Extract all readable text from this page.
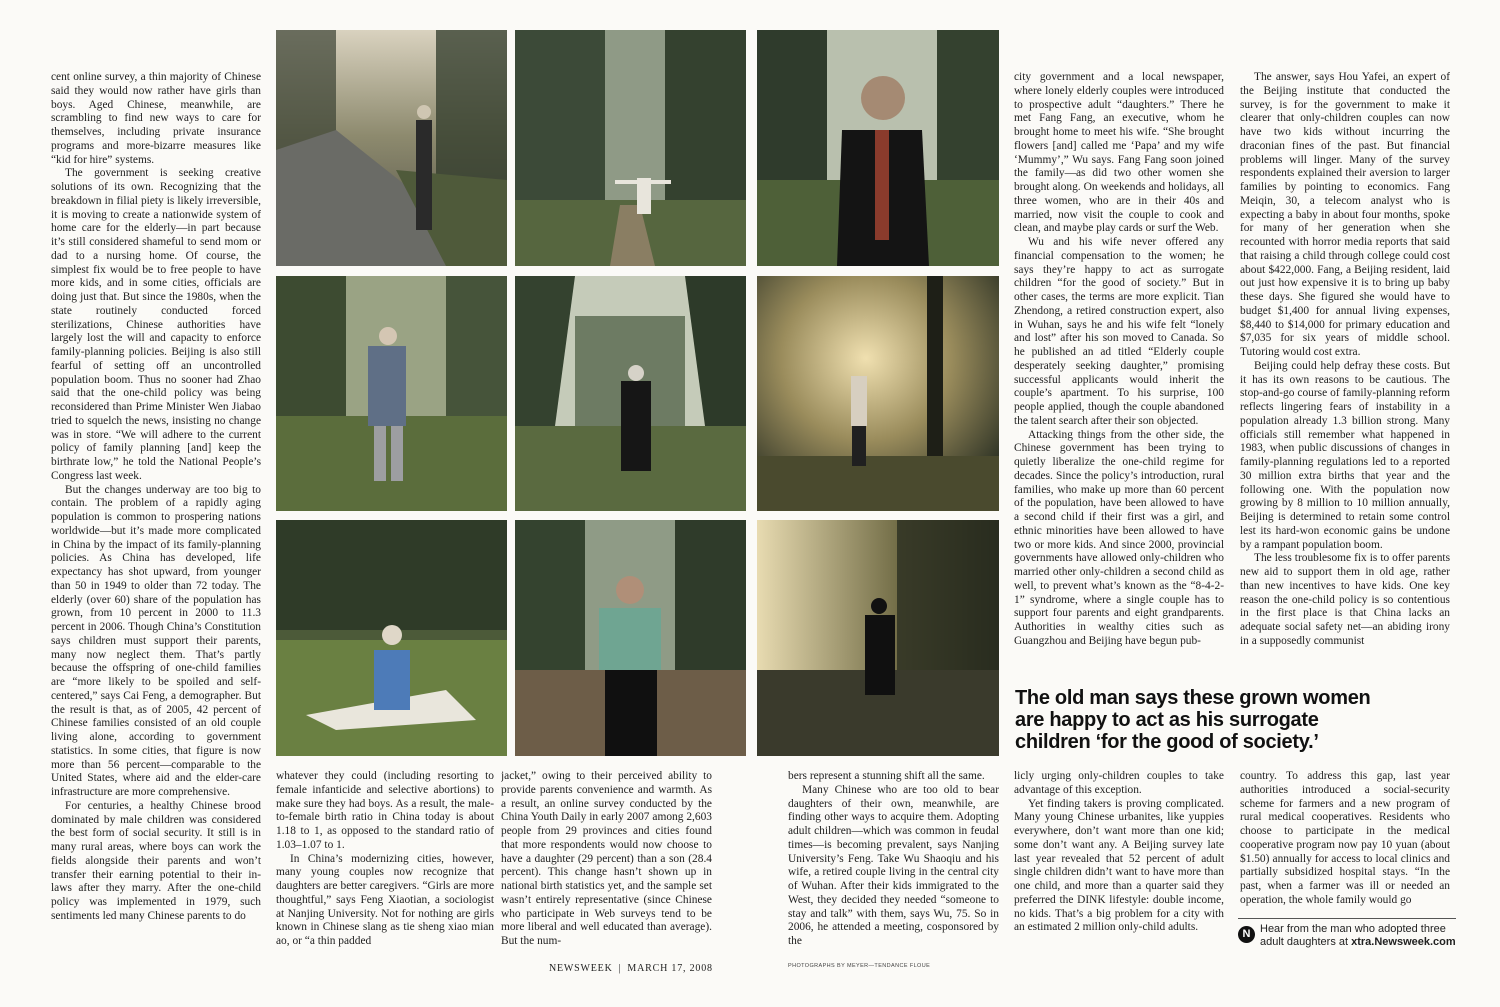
cent online survey, a thin majority of Chinese said they would now rather have girls than boys. Aged Chinese, meanwhile, are scrambling to find new ways to care for themselves, including private insurance programs and more-bizarre measures like “kid for hire” systems.

The government is seeking creative solutions of its own. Recognizing that the breakdown in filial piety is likely irreversible, it is moving to create a nationwide system of home care for the elderly—in part because it’s still considered shameful to send mom or dad to a nursing home. Of course, the simplest fix would be to free people to have more kids, and in some cities, officials are doing just that. But since the 1980s, when the state routinely conducted forced sterilizations, Chinese authorities have largely lost the will and capacity to enforce family-planning policies. Beijing is also still fearful of setting off an uncontrolled population boom. Thus no sooner had Zhao said that the one-child policy was being reconsidered than Prime Minister Wen Jiabao tried to squelch the news, insisting no change was in store. “We will adhere to the current policy of family planning [and] keep the birthrate low,” he told the National People’s Congress last week.

But the changes underway are too big to contain. The problem of a rapidly aging population is common to prospering nations worldwide—but it’s made more complicated in China by the impact of its family-planning policies. As China has developed, life expectancy has shot upward, from younger than 50 in 1949 to older than 72 today. The elderly (over 60) share of the population has grown, from 10 percent in 2000 to 11.3 percent in 2006. Though China’s Constitution says children must support their parents, many now neglect them. That’s partly because the offspring of one-child families are “more likely to be spoiled and self-centered,” says Cai Feng, a demographer. But the result is that, as of 2005, 42 percent of Chinese families consisted of an old couple living alone, according to government statistics. In some cities, that figure is now more than 56 percent—comparable to the United States, where aid and the elder-care infrastructure are more comprehensive.

For centuries, a healthy Chinese brood dominated by male children was considered the best form of social security. It still is in many rural areas, where boys can work the fields alongside their parents and won’t transfer their earning potential to their in-laws after they marry. After the one-child policy was implemented in 1979, such sentiments led many Chinese parents to do

whatever they could (including resorting to female infanticide and selective abortions) to make sure they had boys. As a result, the male-to-female birth ratio in China today is about 1.18 to 1, as opposed to the standard ratio of 1.03–1.07 to 1.

In China’s modernizing cities, however, many young couples now recognize that daughters are better caregivers. “Girls are more thoughtful,” says Feng Xiaotian, a sociologist at Nanjing University. Not for nothing are girls known in Chinese slang as tie sheng xiao mian ao, or “a thin padded

jacket,” owing to their perceived ability to provide parents convenience and warmth. As a result, an online survey conducted by the China Youth Daily in early 2007 among 2,603 people from 29 provinces and cities found that more respondents would now choose to have a daughter (29 percent) than a son (28.4 percent). This change hasn’t shown up in national birth statistics yet, and the sample set wasn’t entirely representative (since Chinese who participate in Web surveys tend to be more liberal and well educated than average). But the num-

bers represent a stunning shift all the same.

Many Chinese who are too old to bear daughters of their own, meanwhile, are finding other ways to acquire them. Adopting adult children—which was common in feudal times—is becoming prevalent, says Nanjing University’s Feng. Take Wu Shaoqiu and his wife, a retired couple living in the central city of Wuhan. After their kids immigrated to the West, they decided they needed “someone to stay and talk” with them, says Wu, 75. So in 2006, he attended a meeting, cosponsored by the

city government and a local newspaper, where lonely elderly couples were introduced to prospective adult “daughters.” There he met Fang Fang, an executive, whom he brought home to meet his wife. “She brought flowers [and] called me ‘Papa’ and my wife ‘Mummy’,” Wu says. Fang Fang soon joined the family—as did two other women she brought along. On weekends and holidays, all three women, who are in their 40s and married, now visit the couple to cook and clean, and maybe play cards or surf the Web.

Wu and his wife never offered any financial compensation to the women; he says they’re happy to act as surrogate children “for the good of society.” But in other cases, the terms are more explicit. Tian Zhendong, a retired construction expert, also in Wuhan, says he and his wife felt “lonely and lost” after his son moved to Canada. So he published an ad titled “Elderly couple desperately seeking daughter,” promising successful applicants would inherit the couple’s apartment. To his surprise, 100 people applied, though the couple abandoned the talent search after their son objected.

Attacking things from the other side, the Chinese government has been trying to quietly liberalize the one-child regime for decades. Since the policy’s introduction, rural families, who make up more than 60 percent of the population, have been allowed to have a second child if their first was a girl, and ethnic minorities have been allowed to have two or more kids. And since 2000, provincial governments have allowed only-children who married other only-children a second child as well, to prevent what’s known as the “8-4-2-1” syndrome, where a single couple has to support four parents and eight grandparents. Authorities in wealthy cities such as Guangzhou and Beijing have begun pub-

licly urging only-children couples to take advantage of this exception.

Yet finding takers is proving complicated. Many young Chinese urbanites, like yuppies everywhere, don’t want more than one kid; some don’t want any. A Beijing survey late last year revealed that 52 percent of adult single children didn’t want to have more than one child, and more than a quarter said they preferred the DINK lifestyle: double income, no kids. That’s a big problem for a city with an estimated 2 million only-child adults.

The answer, says Hou Yafei, an expert of the Beijing institute that conducted the survey, is for the government to make it clearer that only-children couples can now have two kids without incurring the draconian fines of the past. But financial problems will linger. Many of the survey respondents explained their aversion to larger families by pointing to economics. Fang Meiqin, 30, a telecom analyst who is expecting a baby in about four months, spoke for many of her generation when she recounted with horror media reports that said that raising a child through college could cost about $422,000. Fang, a Beijing resident, laid out just how expensive it is to bring up baby these days. She figured she would have to budget $1,400 for annual living expenses, $8,440 to $14,000 for primary education and $7,035 for six years of middle school. Tutoring would cost extra.

Beijing could help defray these costs. But it has its own reasons to be cautious. The stop-and-go course of family-planning reform reflects lingering fears of instability in a population already 1.3 billion strong. Many officials still remember what happened in 1983, when public discussions of changes in family-planning regulations led to a reported 30 million extra births that year and the following one. With the population now growing by 8 million to 10 million annually, Beijing is determined to retain some control lest its hard-won economic gains be undone by a rampant population boom.

The less troublesome fix is to offer parents new aid to support them in old age, rather than new incentives to have kids. One key reason the one-child policy is so contentious in the first place is that China lacks an adequate social safety net—an abiding irony in a supposedly communist

country. To address this gap, last year authorities introduced a social-security scheme for farmers and a new program of rural medical cooperatives. Residents who choose to participate in the medical cooperative program now pay 10 yuan (about $1.50) annually for access to local clinics and partially subsidized hospital stays. “In the past, when a farmer was ill or needed an operation, the whole family would go

The old man says these grown women are happy to act as his surrogate children ‘for the good of society.’
N Hear from the man who adopted three adult daughters at xtra.Newsweek.com
NEWSWEEK | MARCH 17, 2008	PHOTOGRAPHS BY MEYER—TENDANCE FLOUE
